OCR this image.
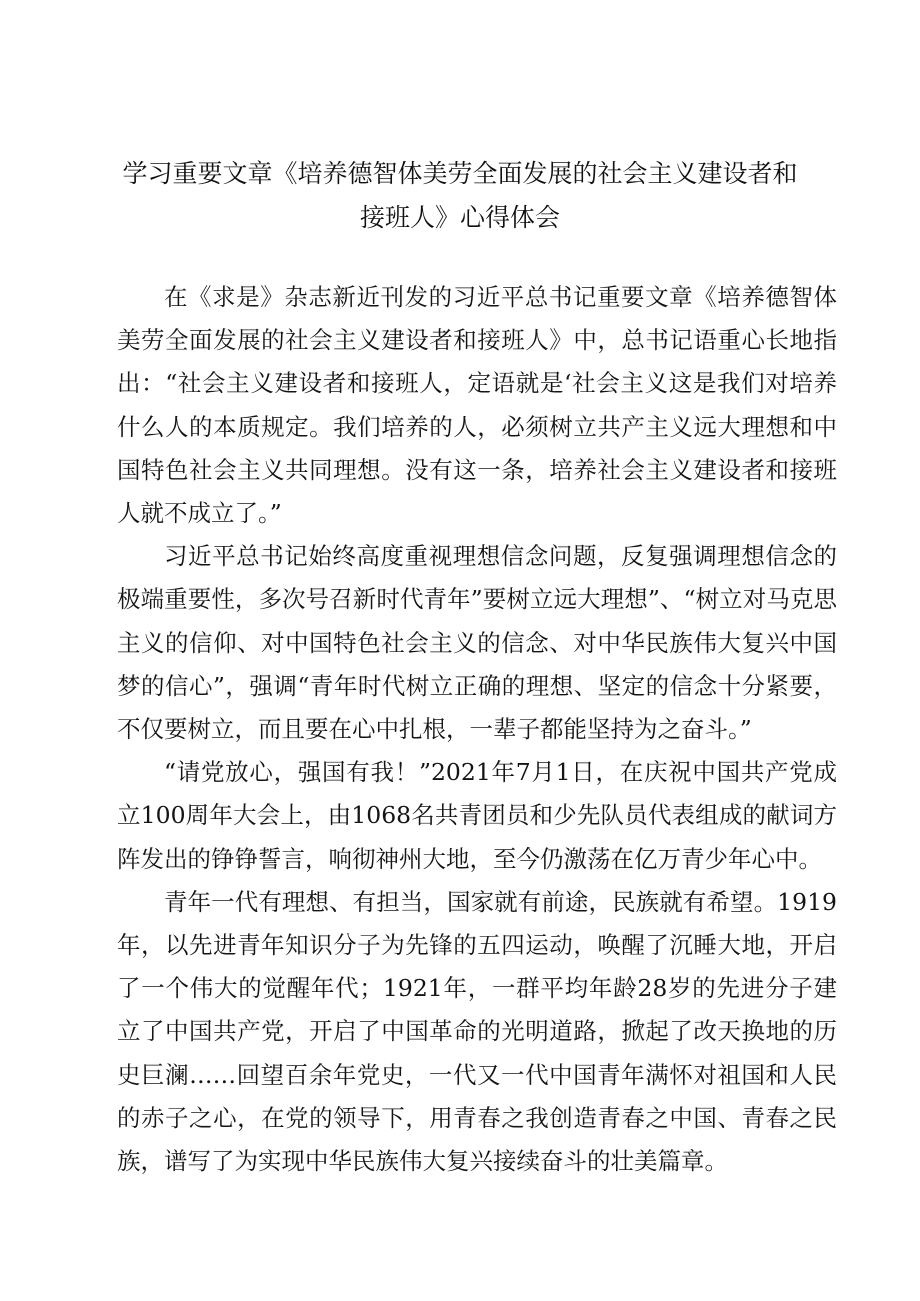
学习重要文章《培养德智体美劳全面发展的社会主义建设者和接班人》心得体会

在《求是》杂志新近刊发的习近平总书记重要文章《培养德智体美劳全面发展的社会主义建设者和接班人》中，总书记语重心长地指出：“社会主义建设者和接班人，定语就是‘社会主义这是我们对培养什么人的本质规定。我们培养的人，必须树立共产主义远大理想和中国特色社会主义共同理想。没有这一条，培养社会主义建设者和接班人就不成立了。”

习近平总书记始终高度重视理想信念问题，反复强调理想信念的极端重要性，多次号召新时代青年”要树立远大理想”、“树立对马克思主义的信仰、对中国特色社会主义的信念、对中华民族伟大复兴中国梦的信心”，强调“青年时代树立正确的理想、坚定的信念十分紧要，不仅要树立，而且要在心中扎根，一辈子都能坚持为之奋斗。”

“请党放心，强国有我！”2021年7月1日，在庆祝中国共产党成立100周年大会上，由1068名共青团员和少先队员代表组成的献词方阵发出的铮铮誓言，响彻神州大地，至今仍激荡在亿万青少年心中。

青年一代有理想、有担当，国家就有前途，民族就有希望。1919年，以先进青年知识分子为先锋的五四运动，唤醒了沉睡大地，开启了一个伟大的觉醒年代；1921年，一群平均年龄28岁的先进分子建立了中国共产党，开启了中国革命的光明道路，掀起了改天换地的历史巨澜……回望百余年党史，一代又一代中国青年满怀对祖国和人民的赤子之心，在党的领导下，用青春之我创造青春之中国、青春之民族，谱写了为实现中华民族伟大复兴接续奋斗的壮美篇章。
